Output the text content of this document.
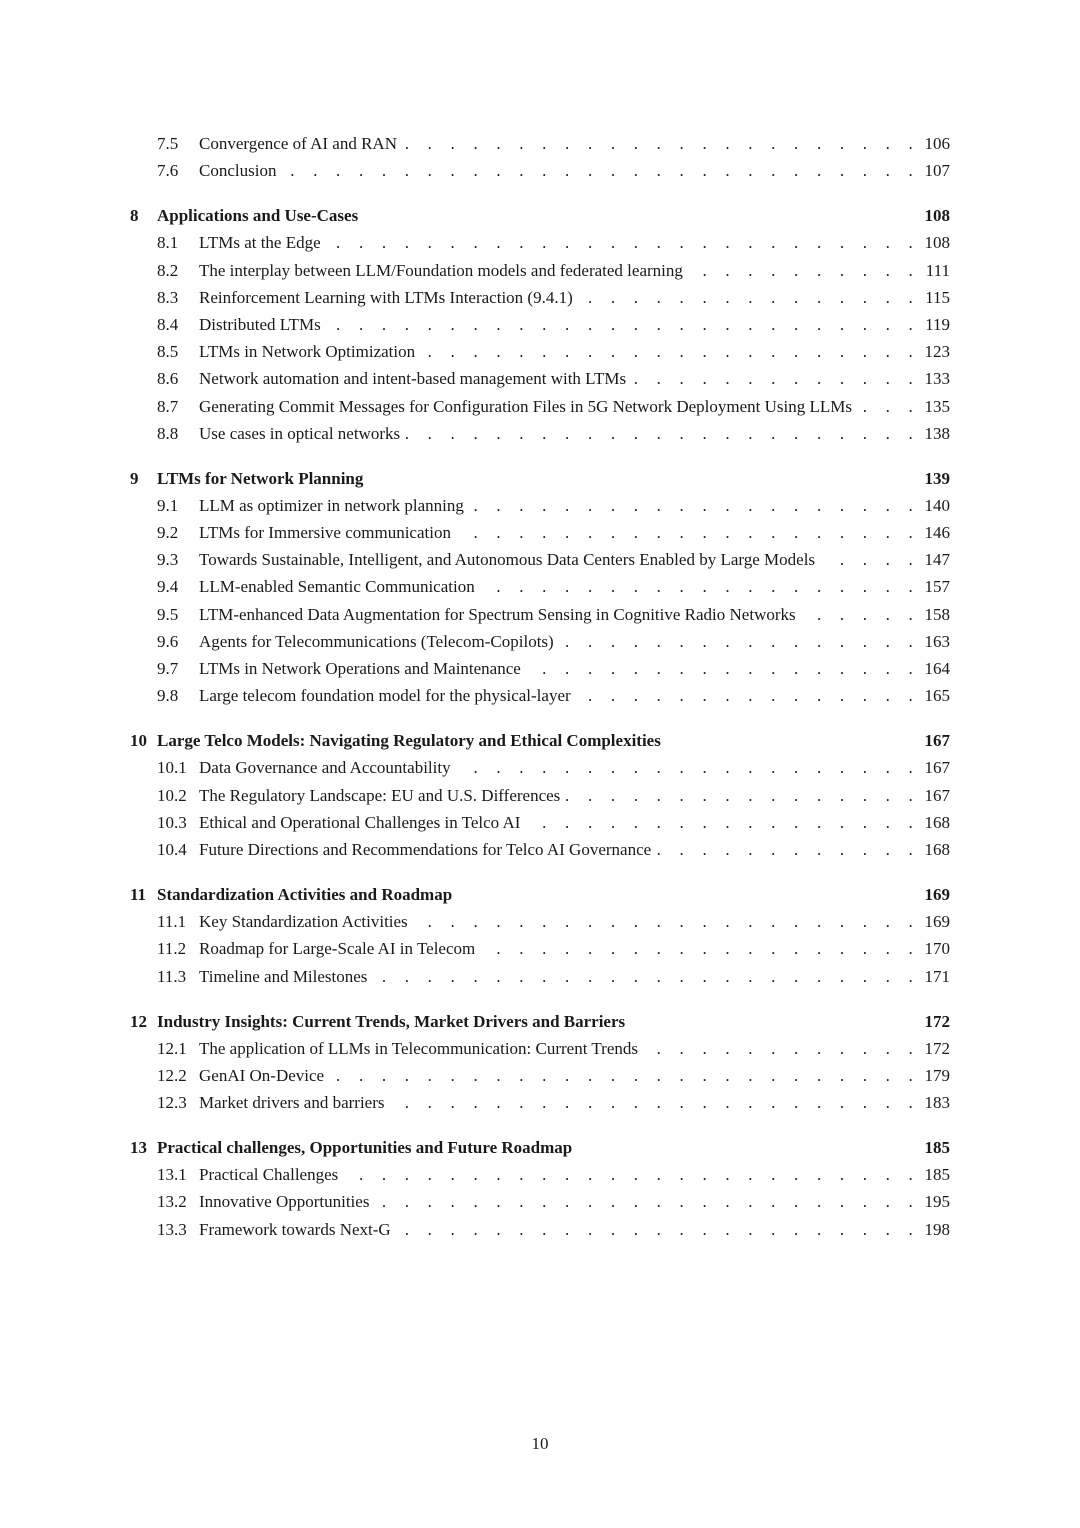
7.5	Convergence of AI and RAN . . .	106
7.6	Conclusion . . .	107
8	Applications and Use-Cases	108
8.1	LTMs at the Edge . . .	108
8.2	The interplay between LLM/Foundation models and federated learning . . .	111
8.3	Reinforcement Learning with LTMs Interaction (9.4.1) . . .	115
8.4	Distributed LTMs . . .	119
8.5	LTMs in Network Optimization . . .	123
8.6	Network automation and intent-based management with LTMs . . .	133
8.7	Generating Commit Messages for Configuration Files in 5G Network Deployment Using LLMs . . .	135
8.8	Use cases in optical networks . . .	138
9	LTMs for Network Planning	139
9.1	LLM as optimizer in network planning . . .	140
9.2	LTMs for Immersive communication . . .	146
9.3	Towards Sustainable, Intelligent, and Autonomous Data Centers Enabled by Large Models . . .	147
9.4	LLM-enabled Semantic Communication . . .	157
9.5	LTM-enhanced Data Augmentation for Spectrum Sensing in Cognitive Radio Networks . . .	158
9.6	Agents for Telecommunications (Telecom-Copilots) . . .	163
9.7	LTMs in Network Operations and Maintenance . . .	164
9.8	Large telecom foundation model for the physical-layer . . .	165
10 Large Telco Models: Navigating Regulatory and Ethical Complexities	167
10.1 Data Governance and Accountability . . .	167
10.2 The Regulatory Landscape: EU and U.S. Differences . . .	167
10.3 Ethical and Operational Challenges in Telco AI . . .	168
10.4 Future Directions and Recommendations for Telco AI Governance . . .	168
11 Standardization Activities and Roadmap	169
11.1 Key Standardization Activities . . .	169
11.2 Roadmap for Large-Scale AI in Telecom . . .	170
11.3 Timeline and Milestones . . .	171
12 Industry Insights: Current Trends, Market Drivers and Barriers	172
12.1 The application of LLMs in Telecommunication: Current Trends . . .	172
12.2 GenAI On-Device . . .	179
12.3 Market drivers and barriers . . .	183
13 Practical challenges, Opportunities and Future Roadmap	185
13.1 Practical Challenges . . .	185
13.2 Innovative Opportunities . . .	195
13.3 Framework towards Next-G . . .	198
10
